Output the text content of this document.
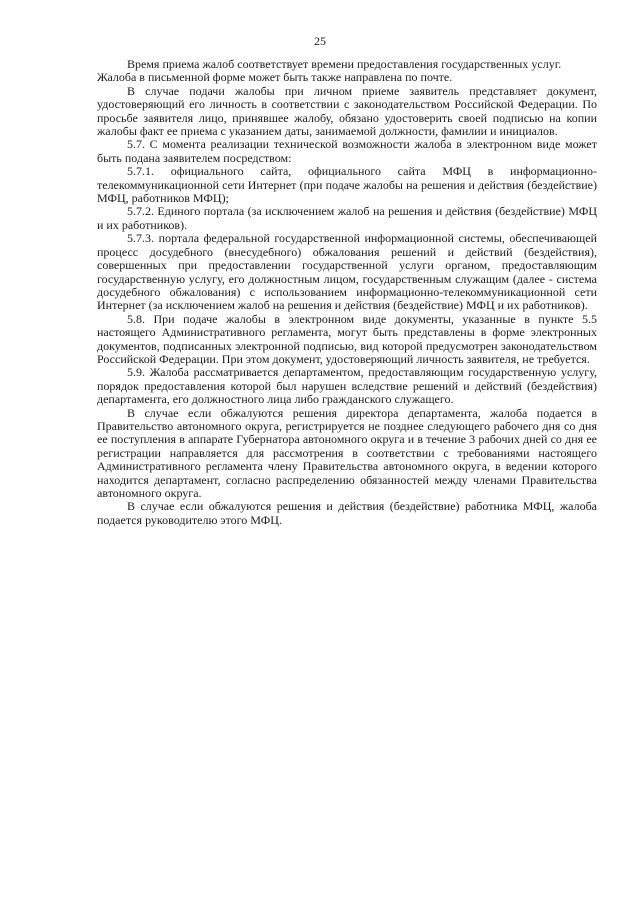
25

Время приема жалоб соответствует времени предоставления государственных услуг.

Жалоба в письменной форме может быть также направлена по почте.

В случае подачи жалобы при личном приеме заявитель представляет документ, удостоверяющий его личность в соответствии с законодательством Российской Федерации. По просьбе заявителя лицо, принявшее жалобу, обязано удостоверить своей подписью на копии жалобы факт ее приема с указанием даты, занимаемой должности, фамилии и инициалов.

5.7. С момента реализации технической возможности жалоба в электронном виде может быть подана заявителем посредством:

5.7.1. официального сайта, официального сайта МФЦ в информационно-телекоммуникационной сети Интернет (при подаче жалобы на решения и действия (бездействие) МФЦ, работников МФЦ);

5.7.2. Единого портала (за исключением жалоб на решения и действия (бездействие) МФЦ и их работников).

5.7.3. портала федеральной государственной информационной системы, обеспечивающей процесс досудебного (внесудебного) обжалования решений и действий (бездействия), совершенных при предоставлении государственной услуги органом, предоставляющим государственную услугу, его должностным лицом, государственным служащим (далее - система досудебного обжалования) с использованием информационно-телекоммуникационной сети Интернет (за исключением жалоб на решения и действия (бездействие) МФЦ и их работников).

5.8. При подаче жалобы в электронном виде документы, указанные в пункте 5.5 настоящего Административного регламента, могут быть представлены в форме электронных документов, подписанных электронной подписью, вид которой предусмотрен законодательством Российской Федерации. При этом документ, удостоверяющий личность заявителя, не требуется.

5.9. Жалоба рассматривается департаментом, предоставляющим государственную услугу, порядок предоставления которой был нарушен вследствие решений и действий (бездействия) департамента, его должностного лица либо гражданского служащего.

В случае если обжалуются решения директора департамента, жалоба подается в Правительство автономного округа, регистрируется не позднее следующего рабочего дня со дня ее поступления в аппарате Губернатора автономного округа и в течение 3 рабочих дней со дня ее регистрации направляется для рассмотрения в соответствии с требованиями настоящего Административного регламента члену Правительства автономного округа, в ведении которого находится департамент, согласно распределению обязанностей между членами Правительства автономного округа.

В случае если обжалуются решения и действия (бездействие) работника МФЦ, жалоба подается руководителю этого МФЦ.
